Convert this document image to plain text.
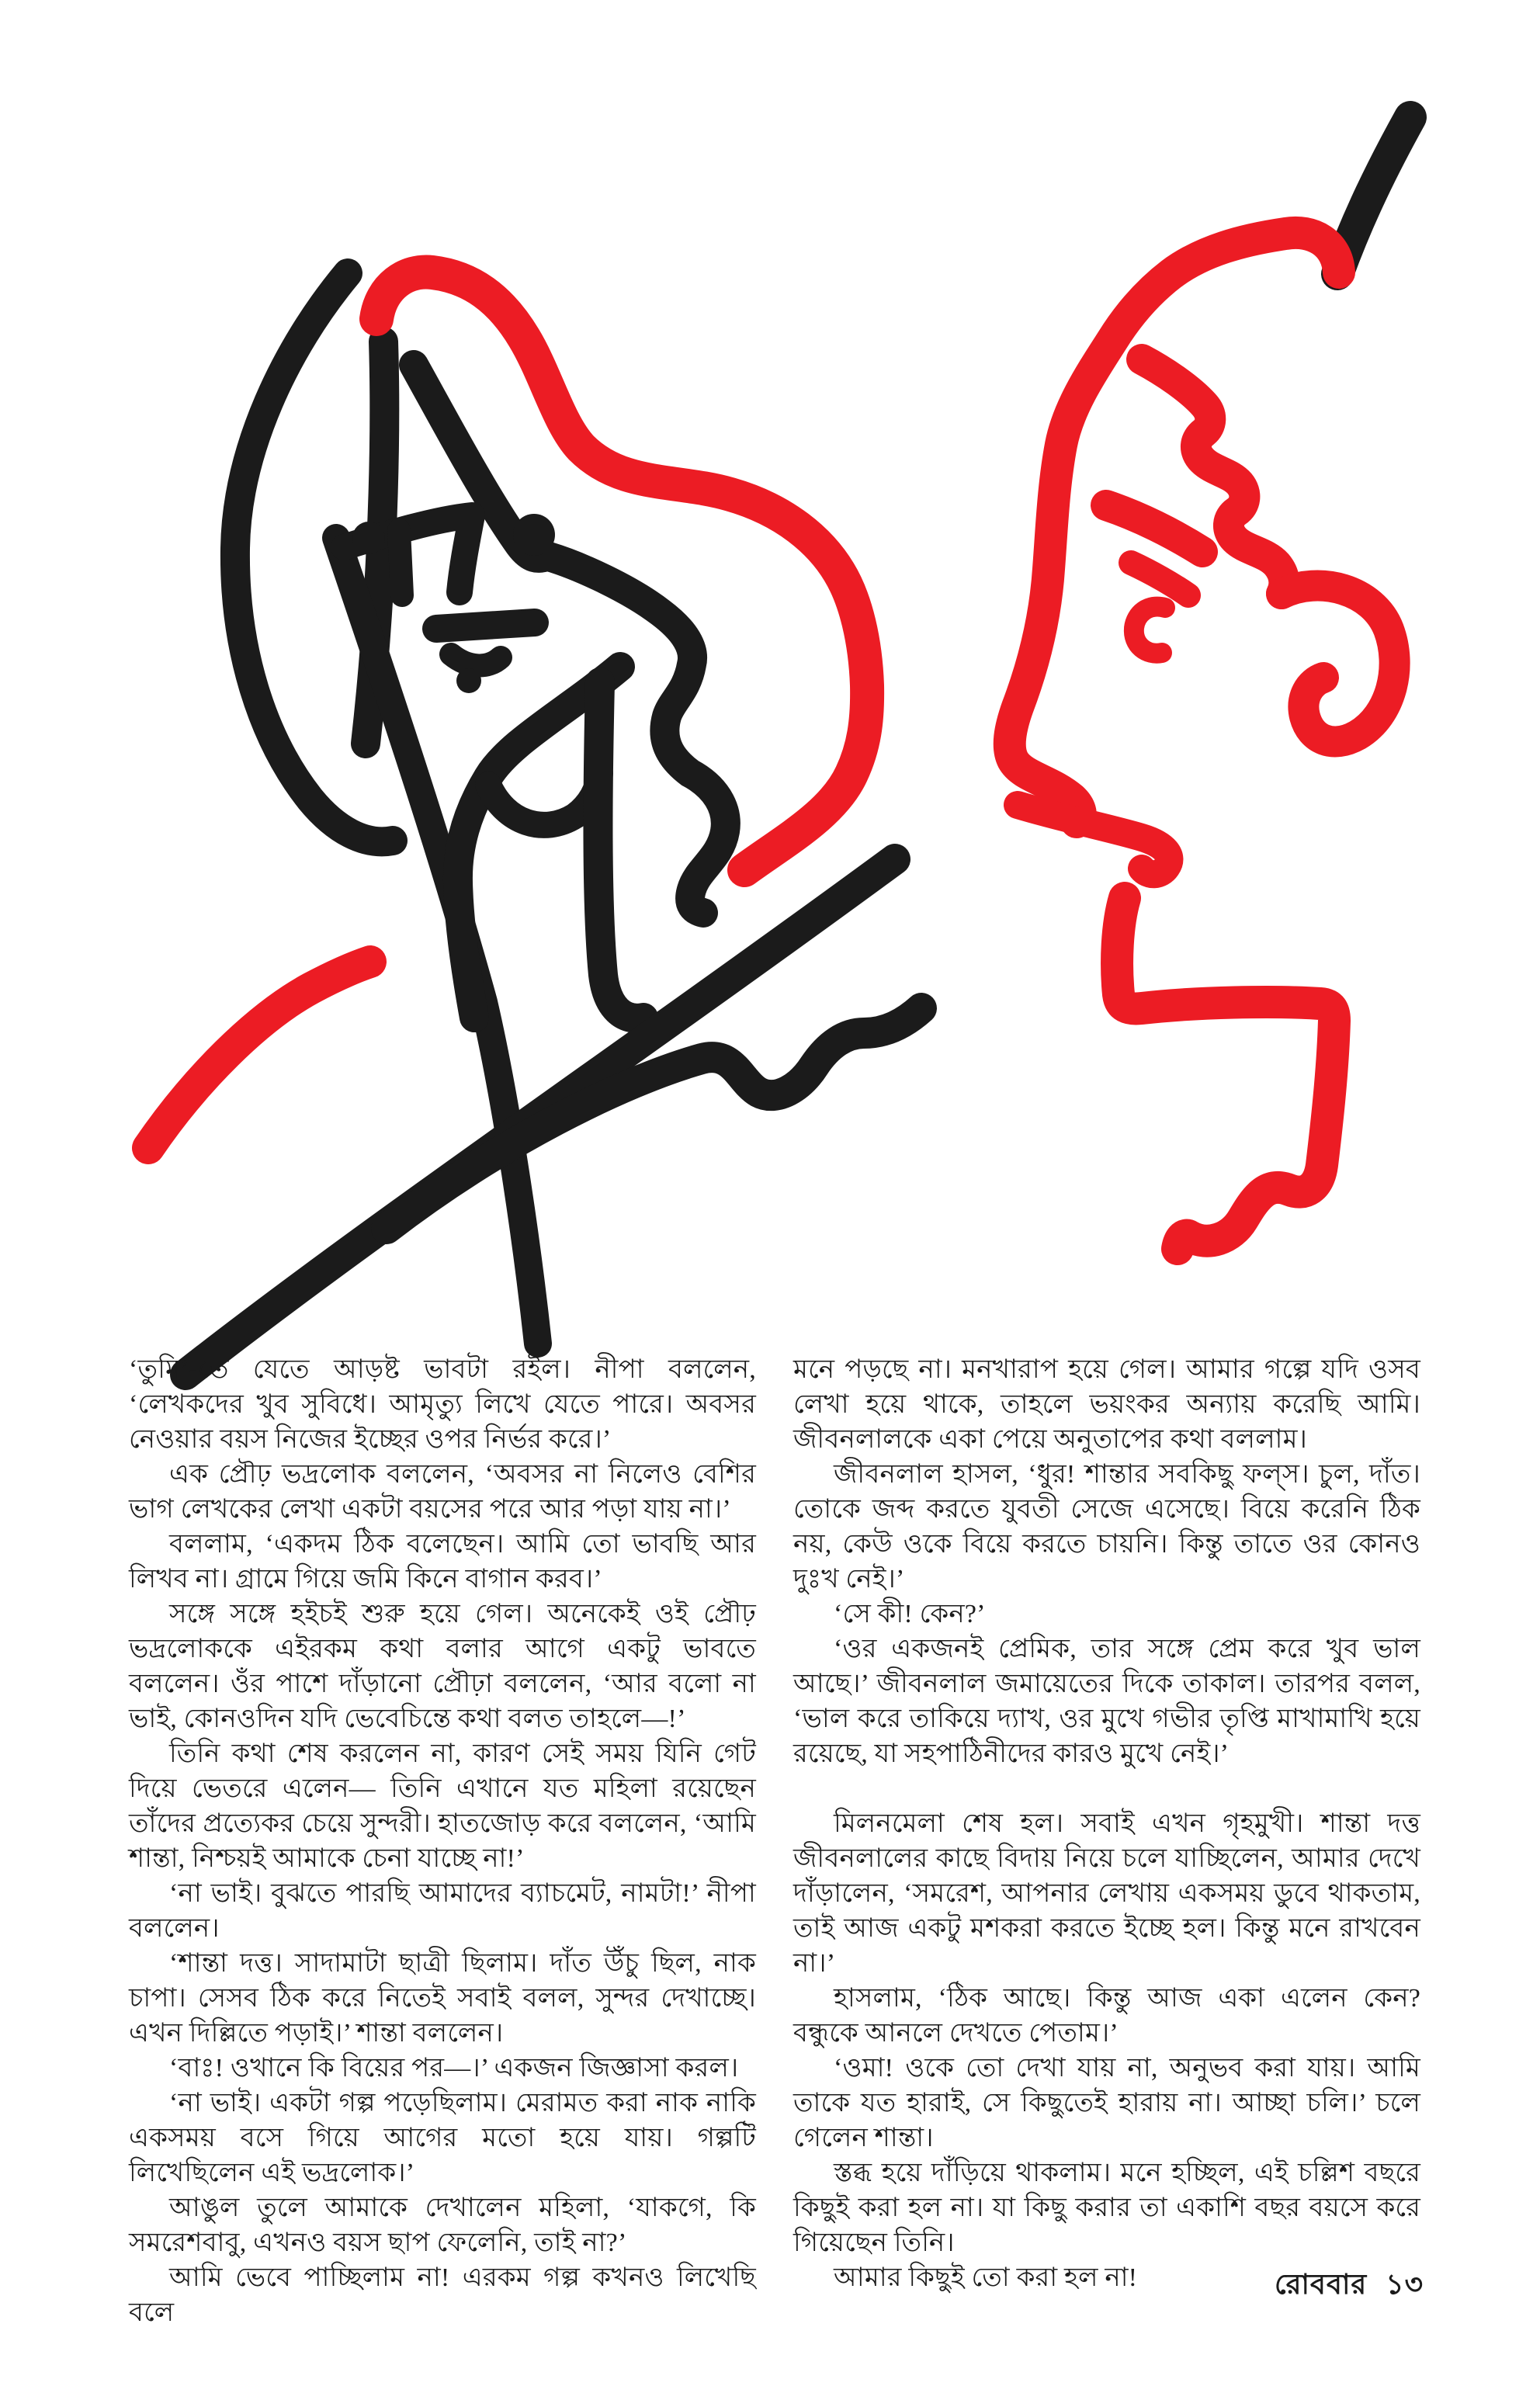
‘তুমি’-তে যেতে আড়ষ্ট ভাবটা রইল। নীপা বললেন, ‘লেখকদের খুব সুবিধে। আমৃত্যু লিখে যেতে পারে। অবসর নেওয়ার বয়স নিজের ইচ্ছের ওপর নির্ভর করে।’

এক প্রৌঢ় ভদ্রলোক বললেন, ‘অবসর না নিলেও বেশির ভাগ লেখকের লেখা একটা বয়সের পরে আর পড়া যায় না।’

বললাম, ‘একদম ঠিক বলেছেন। আমি তো ভাবছি আর লিখব না। গ্রামে গিয়ে জমি কিনে বাগান করব।’

সঙ্গে সঙ্গে হইচই শুরু হয়ে গেল। অনেকেই ওই প্রৌঢ় ভদ্রলোককে এইরকম কথা বলার আগে একটু ভাবতে বললেন। ওঁর পাশে দাঁড়ানো প্রৌঢ়া বললেন, ‘আর বলো না ভাই, কোনওদিন যদি ভেবেচিন্তে কথা বলত তাহলে—!’

তিনি কথা শেষ করলেন না, কারণ সেই সময় যিনি গেট দিয়ে ভেতরে এলেন— তিনি এখানে যত মহিলা রয়েছেন তাঁদের প্রত্যেকর চেয়ে সুন্দরী। হাতজোড় করে বললেন, ‘আমি শান্তা, নিশ্চয়ই আমাকে চেনা যাচ্ছে না!’

‘না ভাই। বুঝতে পারছি আমাদের ব্যাচমেট, নামটা!’ নীপা বললেন।

‘শান্তা দত্ত। সাদামাটা ছাত্রী ছিলাম। দাঁত উঁচু ছিল, নাক চাপা। সেসব ঠিক করে নিতেই সবাই বলল, সুন্দর দেখাচ্ছে। এখন দিল্লিতে পড়াই।’ শান্তা বললেন।

‘বাঃ! ওখানে কি বিয়ের পর—।’ একজন জিজ্ঞাসা করল।

‘না ভাই। একটা গল্প পড়েছিলাম। মেরামত করা নাক নাকি একসময় বসে গিয়ে আগের মতো হয়ে যায়। গল্পটি লিখেছিলেন এই ভদ্রলোক।’

আঙুল তুলে আমাকে দেখালেন মহিলা, ‘যাকগে, কি সমরেশবাবু, এখনও বয়স ছাপ ফেলেনি, তাই না?’

আমি ভেবে পাচ্ছিলাম না! এরকম গল্প কখনও লিখেছি বলে

মনে পড়ছে না। মনখারাপ হয়ে গেল। আমার গল্পে যদি ওসব লেখা হয়ে থাকে, তাহলে ভয়ংকর অন্যায় করেছি আমি। জীবনলালকে একা পেয়ে অনুতাপের কথা বললাম।

জীবনলাল হাসল, ‘ধুর! শান্তার সবকিছু ফল্স। চুল, দাঁত। তোকে জব্দ করতে যুবতী সেজে এসেছে। বিয়ে করেনি ঠিক নয়, কেউ ওকে বিয়ে করতে চায়নি। কিন্তু তাতে ওর কোনও দুঃখ নেই।’

‘সে কী! কেন?’

‘ওর একজনই প্রেমিক, তার সঙ্গে প্রেম করে খুব ভাল আছে।’ জীবনলাল জমায়েতের দিকে তাকাল। তারপর বলল, ‘ভাল করে তাকিয়ে দ্যাখ, ওর মুখে গভীর তৃপ্তি মাখামাখি হয়ে রয়েছে, যা সহপাঠিনীদের কারও মুখে নেই।’

মিলনমেলা শেষ হল। সবাই এখন গৃহমুখী। শান্তা দত্ত জীবনলালের কাছে বিদায় নিয়ে চলে যাচ্ছিলেন, আমার দেখে দাঁড়ালেন, ‘সমরেশ, আপনার লেখায় একসময় ডুবে থাকতাম, তাই আজ একটু মশকরা করতে ইচ্ছে হল। কিন্তু মনে রাখবেন না।’

হাসলাম, ‘ঠিক আছে। কিন্তু আজ একা এলেন কেন? বন্ধুকে আনলে দেখতে পেতাম।’

‘ওমা! ওকে তো দেখা যায় না, অনুভব করা যায়। আমি তাকে যত হারাই, সে কিছুতেই হারায় না। আচ্ছা চলি।’ চলে গেলেন শান্তা।

স্তব্ধ হয়ে দাঁড়িয়ে থাকলাম। মনে হচ্ছিল, এই চল্লিশ বছরে কিছুই করা হল না। যা কিছু করার তা একাশি বছর বয়সে করে গিয়েছেন তিনি।

আমার কিছুই তো করা হল না!	রোববার ১৩
